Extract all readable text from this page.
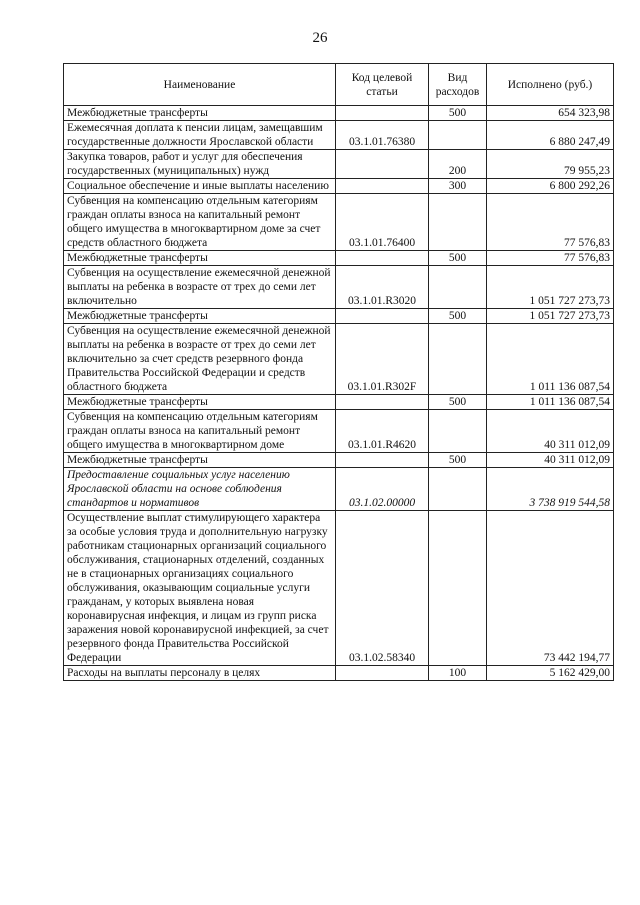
26
Наименование	Код целевой статьи	Вид расходов	Исполнено (руб.)
Межбюджетные трансферты		500	654 323,98
Ежемесячная доплата к пенсии лицам, замещавшим государственные должности Ярославской области	03.1.01.76380		6 880 247,49
Закупка товаров, работ и услуг для обеспечения государственных (муниципальных) нужд		200	79 955,23
Социальное обеспечение и иные выплаты населению		300	6 800 292,26
Субвенция на компенсацию отдельным категориям граждан оплаты взноса на капитальный ремонт общего имущества в многоквартирном доме за счет средств областного бюджета	03.1.01.76400		77 576,83
Межбюджетные трансферты		500	77 576,83
Субвенция на осуществление ежемесячной денежной выплаты на ребенка в возрасте от трех до семи лет включительно	03.1.01.R3020		1 051 727 273,73
Межбюджетные трансферты		500	1 051 727 273,73
Субвенция на осуществление ежемесячной денежной выплаты на ребенка в возрасте от трех до семи лет включительно за счет средств резервного фонда Правительства Российской Федерации и средств областного бюджета	03.1.01.R302F		1 011 136 087,54
Межбюджетные трансферты		500	1 011 136 087,54
Субвенция на компенсацию отдельным категориям граждан оплаты взноса на капитальный ремонт общего имущества в многоквартирном доме	03.1.01.R4620		40 311 012,09
Межбюджетные трансферты		500	40 311 012,09
Предоставление социальных услуг населению Ярославской области на основе соблюдения стандартов и нормативов	03.1.02.00000		3 738 919 544,58
Осуществление выплат стимулирующего характера за особые условия труда и дополнительную нагрузку работникам стационарных организаций социального обслуживания, стационарных отделений, созданных не в стационарных организациях социального обслуживания, оказывающим социальные услуги гражданам, у которых выявлена новая коронавирусная инфекция, и лицам из групп риска заражения новой коронавирусной инфекцией, за счет резервного фонда Правительства Российской Федерации	03.1.02.58340		73 442 194,77
Расходы на выплаты персоналу в целях		100	5 162 429,00
